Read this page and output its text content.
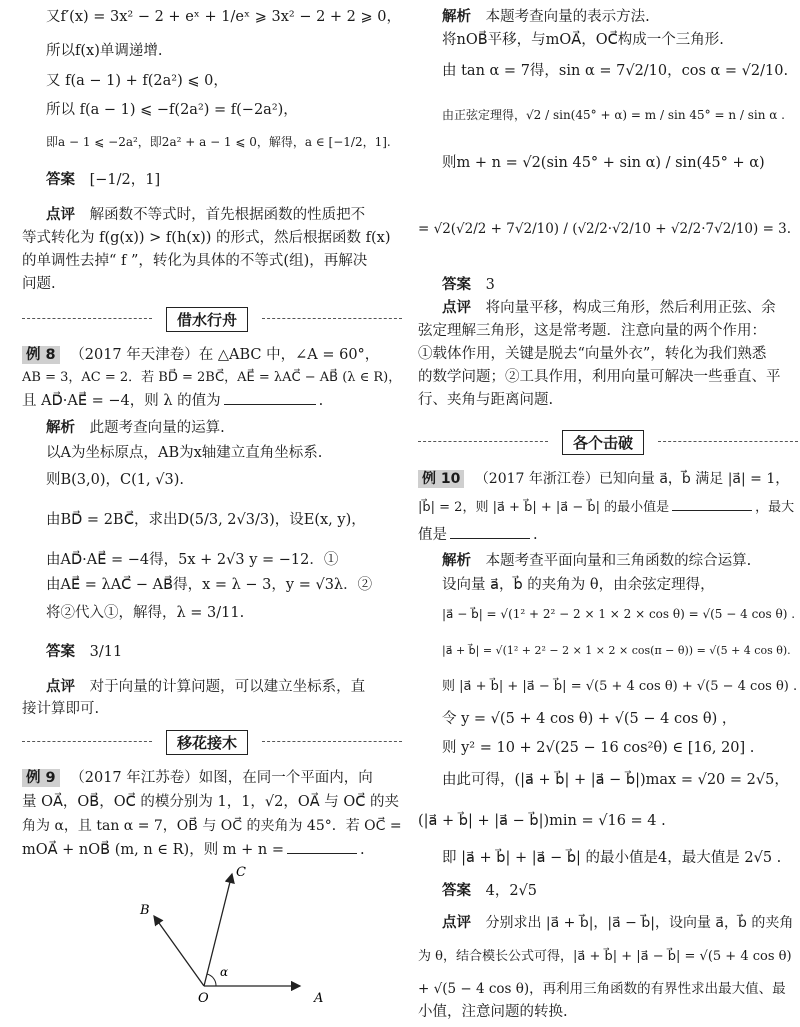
又f′(x) = 3x² − 2 + eˣ + 1/eˣ ⩾ 3x² − 2 + 2 ⩾ 0，
所以f(x)单调递增.
又 f(a − 1) + f(2a²) ⩽ 0，
所以 f(a − 1) ⩽ −f(2a²) = f(−2a²)，
即a − 1 ⩽ −2a²，即2a² + a − 1 ⩽ 0，解得，a ∈ [−1/2，1].
答案 [−1/2，1]
点评 解函数不等式时，首先根据函数的性质把不
等式转化为 f(g(x)) > f(h(x)) 的形式，然后根据函数 f(x)
的单调性去掉“ f ”，转化为具体的不等式(组)，再解决
问题.
借水行舟
例 8 （2017 年天津卷）在 △ABC 中，∠A = 60°，
AB = 3，AC = 2．若 BD⃗ = 2BC⃗，AE⃗ = λAC⃗ − AB⃗ (λ ∈ R)，
且 AD⃗·AE⃗ = −4，则 λ 的值为	.
解析 此题考查向量的运算.
以A为坐标原点，AB为x轴建立直角坐标系.
则B(3,0)，C(1, √3).
由BD⃗ = 2BC⃗，求出D(5/3, 2√3/3)，设E(x, y)，
由AD⃗·AE⃗ = −4得，5x + 2√3 y = −12．①
由AE⃗ = λAC⃗ − AB⃗得，x = λ − 3，y = √3λ．②
将②代入①，解得，λ = 3/11.
答案 3/11
点评 对于向量的计算问题，可以建立坐标系，直
接计算即可.
移花接木
例 9 （2017 年江苏卷）如图，在同一个平面内，向
量 OA⃗，OB⃗，OC⃗ 的模分别为 1，1，√2，OA⃗ 与 OC⃗ 的夹
角为 α，且 tan α = 7，OB⃗ 与 OC⃗ 的夹角为 45°．若 OC⃗ =
mOA⃗ + nOB⃗ (m, n ∈ R)，则 m + n =	.
O	A
B
C
α
解析 本题考查向量的表示方法.
将nOB⃗平移，与mOA⃗，OC⃗构成一个三角形.
由 tan α = 7得，sin α = 7√2/10，cos α = √2/10.
由正弦定理得，√2 / sin(45° + α) = m / sin 45° = n / sin α .
则m + n = √2(sin 45° + sin α) / sin(45° + α)
= √2(√2/2 + 7√2/10) / (√2/2·√2/10 + √2/2·7√2/10) = 3.
答案 3
点评 将向量平移，构成三角形，然后利用正弦、余
弦定理解三角形，这是常考题．注意向量的两个作用：
①载体作用，关键是脱去“向量外衣”，转化为我们熟悉
的数学问题；②工具作用，利用向量可解决一些垂直、平
行、夹角与距离问题.
各个击破
例 10 （2017 年浙江卷）已知向量 a⃗，b⃗ 满足 |a⃗| = 1，
|b⃗| = 2，则 |a⃗ + b⃗| + |a⃗ − b⃗| 的最小值是	，最大
值是	.
解析 本题考查平面向量和三角函数的综合运算.
设向量 a⃗，b⃗ 的夹角为 θ，由余弦定理得，
|a⃗ − b⃗| = √(1² + 2² − 2 × 1 × 2 × cos θ) = √(5 − 4 cos θ) .
|a⃗ + b⃗| = √(1² + 2² − 2 × 1 × 2 × cos(π − θ)) = √(5 + 4 cos θ).
则 |a⃗ + b⃗| + |a⃗ − b⃗| = √(5 + 4 cos θ) + √(5 − 4 cos θ) .
令 y = √(5 + 4 cos θ) + √(5 − 4 cos θ) ，
则 y² = 10 + 2√(25 − 16 cos²θ) ∈ [16, 20] .
由此可得，(|a⃗ + b⃗| + |a⃗ − b⃗|)max = √20 = 2√5，
(|a⃗ + b⃗| + |a⃗ − b⃗|)min = √16 = 4 .
即 |a⃗ + b⃗| + |a⃗ − b⃗| 的最小值是4，最大值是 2√5 .
答案 4，2√5
点评 分别求出 |a⃗ + b⃗|，|a⃗ − b⃗|，设向量 a⃗，b⃗ 的夹角
为 θ，结合模长公式可得，|a⃗ + b⃗| + |a⃗ − b⃗| = √(5 + 4 cos θ)
+ √(5 − 4 cos θ)，再利用三角函数的有界性求出最大值、最
小值，注意问题的转换.
